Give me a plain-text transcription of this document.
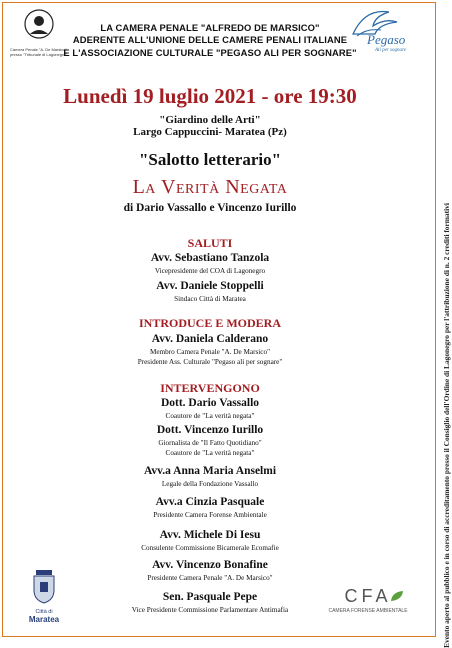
Camera Penale "A. De Marsico"
presso "Tribunale di Lagonegro"
Pegaso
Ali per sognare
LA CAMERA PENALE "ALFREDO DE MARSICO"
ADERENTE ALL'UNIONE DELLE CAMERE PENALI ITALIANE
E L'ASSOCIAZIONE CULTURALE "PEGASO ALI PER SOGNARE"
Lunedì 19 luglio 2021 - ore 19:30
"Giardino delle Arti"
Largo Cappuccini- Maratea (Pz)
"Salotto letterario"
La Verità Negata
di Dario Vassallo e Vincenzo Iurillo
SALUTI
Avv. Sebastiano Tanzola
Vicepresidente del COA di Lagonegro
Avv. Daniele Stoppelli
Sindaco Città di Maratea
INTRODUCE E MODERA
Avv. Daniela Calderano
Membro Camera Penale "A. De Marsico"
Presidente Ass. Culturale "Pegaso ali per sognare"
INTERVENGONO
Dott. Dario Vassallo
Coautore de "La verità negata"
Dott. Vincenzo Iurillo
Giornalista de "Il Fatto Quotidiano"
Coautore de "La verità negata"
Avv.a Anna Maria Anselmi
Legale della Fondazione Vassallo
Avv.a Cinzia Pasquale
Presidente Camera Forense Ambientale
Avv. Michele Di Iesu
Consulente Commissione Bicamerale Ecomafie
Avv. Vincenzo Bonafine
Presidente Camera Penale "A. De Marsico"
Sen. Pasquale Pepe
Vice Presidente Commissione Parlamentare Antimafia
Città di
Maratea
CFA
CAMERA FORENSE AMBIENTALE	Evento aperto al pubblico e in corso di accreditamento presso il Consiglio dell'Ordine di Lagonegro per l'attribuzione di n. 2 crediti formativi
